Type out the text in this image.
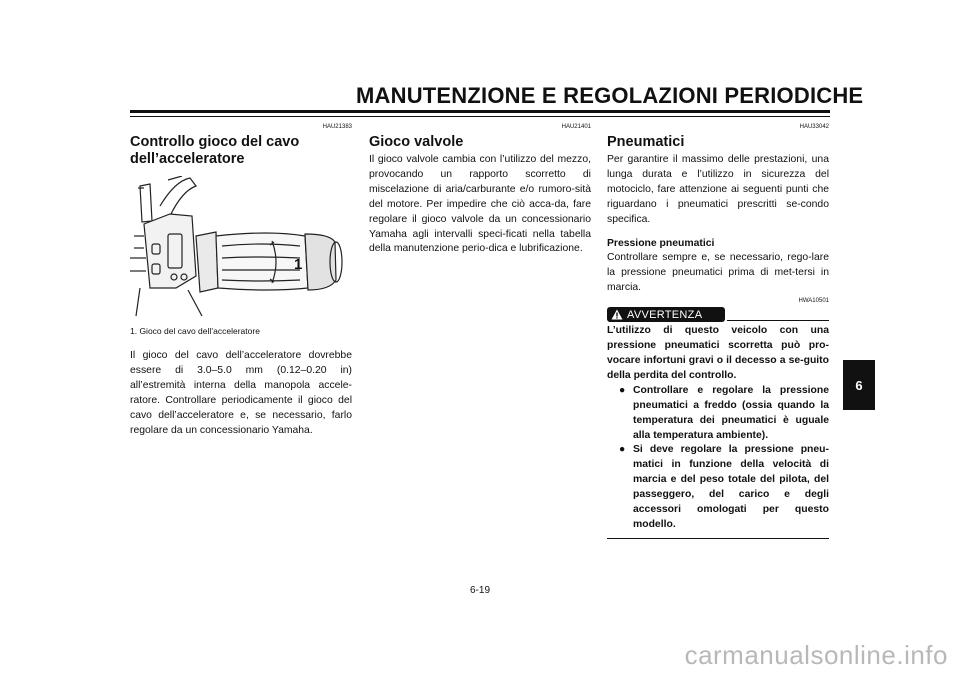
MANUTENZIONE E REGOLAZIONI PERIODICHE
HAU21383
Controllo gioco del cavo dell’acceleratore
1
1. Gioco del cavo dell’acceleratore

Il gioco del cavo dell’acceleratore dovrebbe essere di 3.0–5.0 mm (0.12–0.20 in) all’estremità interna della manopola accele-ratore. Controllare periodicamente il gioco del cavo dell’acceleratore e, se necessario, farlo regolare da un concessionario Yamaha.

HAU21401
Gioco valvole

Il gioco valvole cambia con l’utilizzo del mezzo, provocando un rapporto scorretto di miscelazione di aria/carburante e/o rumoro-sità del motore. Per impedire che ciò acca-da, fare regolare il gioco valvole da un concessionario Yamaha agli intervalli speci-ficati nella tabella della manutenzione perio-dica e lubrificazione.

HAU33042
Pneumatici

Per garantire il massimo delle prestazioni, una lunga durata e l’utilizzo in sicurezza del motociclo, fare attenzione ai seguenti punti che riguardano i pneumatici prescritti se-condo specifica.

Pressione pneumatici

Controllare sempre e, se necessario, rego-lare la pressione pneumatici prima di met-tersi in marcia.

HWA10501
AVVERTENZA

L’utilizzo di questo veicolo con una pressione pneumatici scorretta può pro-vocare infortuni gravi o il decesso a se-guito della perdita del controllo.

● Controllare e regolare la pressione pneumatici a freddo (ossia quando la temperatura dei pneumatici è uguale alla temperatura ambiente).
● Si deve regolare la pressione pneu-matici in funzione della velocità di marcia e del peso totale del pilota, del passeggero, del carico e degli accessori omologati per questo modello.
6
6-19
carmanualsonline.info
